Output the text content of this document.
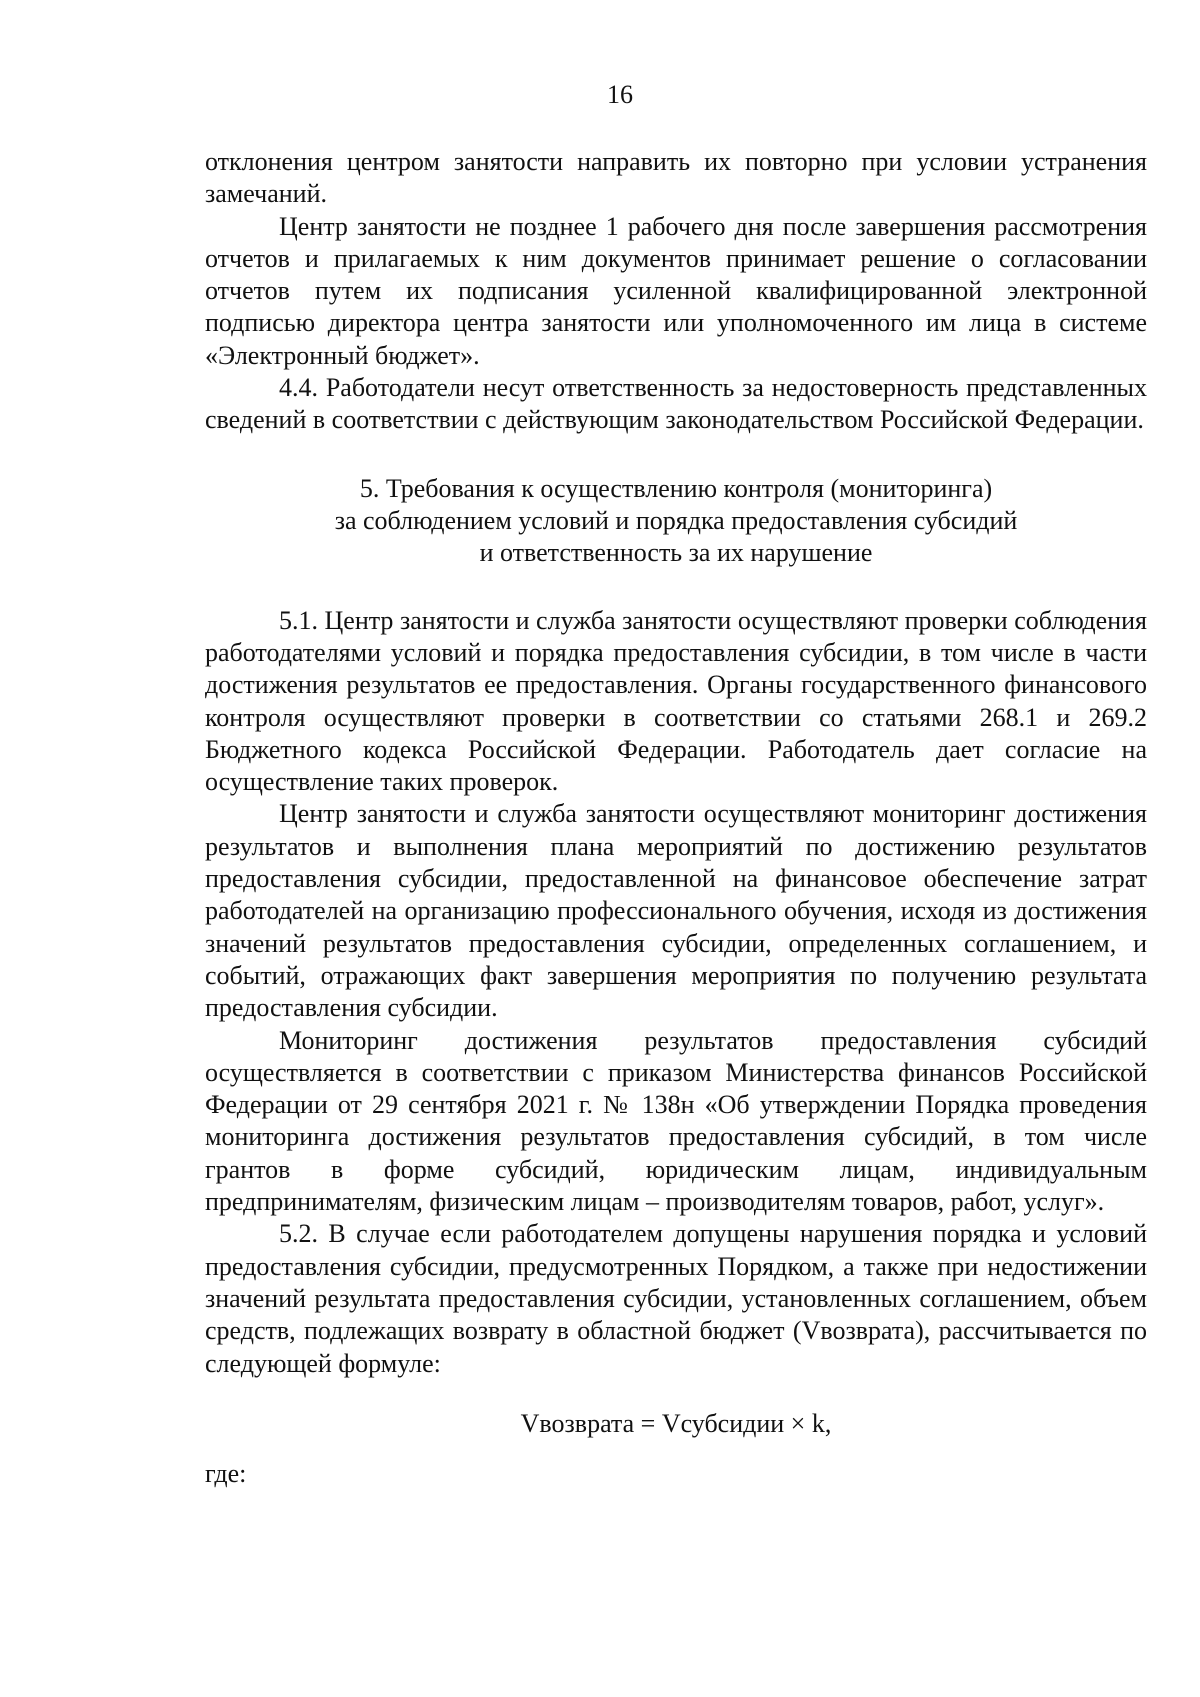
16

отклонения центром занятости направить их повторно при условии устранения замечаний.

Центр занятости не позднее 1 рабочего дня после завершения рассмотрения отчетов и прилагаемых к ним документов принимает решение о согласовании отчетов путем их подписания усиленной квалифицированной электронной подписью директора центра занятости или уполномоченного им лица в системе «Электронный бюджет».

4.4. Работодатели несут ответственность за недостоверность представленных сведений в соответствии с действующим законодательством Российской Федерации.

5. Требования к осуществлению контроля (мониторинга)
за соблюдением условий и порядка предоставления субсидий
и ответственность за их нарушение

5.1. Центр занятости и служба занятости осуществляют проверки соблюдения работодателями условий и порядка предоставления субсидии, в том числе в части достижения результатов ее предоставления. Органы государственного финансового контроля осуществляют проверки в соответствии со статьями 268.1 и 269.2 Бюджетного кодекса Российской Федерации. Работодатель дает согласие на осуществление таких проверок.

Центр занятости и служба занятости осуществляют мониторинг достижения результатов и выполнения плана мероприятий по достижению результатов предоставления субсидии, предоставленной на финансовое обеспечение затрат работодателей на организацию профессионального обучения, исходя из достижения значений результатов предоставления субсидии, определенных соглашением, и событий, отражающих факт завершения мероприятия по получению результата предоставления субсидии.

Мониторинг достижения результатов предоставления субсидий осуществляется в соответствии с приказом Министерства финансов Российской Федерации от 29 сентября 2021 г. № 138н «Об утверждении Порядка проведения мониторинга достижения результатов предоставления субсидий, в том числе грантов в форме субсидий, юридическим лицам, индивидуальным предпринимателям, физическим лицам – производителям товаров, работ, услуг».

5.2. В случае если работодателем допущены нарушения порядка и условий предоставления субсидии, предусмотренных Порядком, а также при недостижении значений результата предоставления субсидии, установленных соглашением, объем средств, подлежащих возврату в областной бюджет (Vвозврата), рассчитывается по следующей формуле:

Vвозврата = Vсубсидии × k,

где:
